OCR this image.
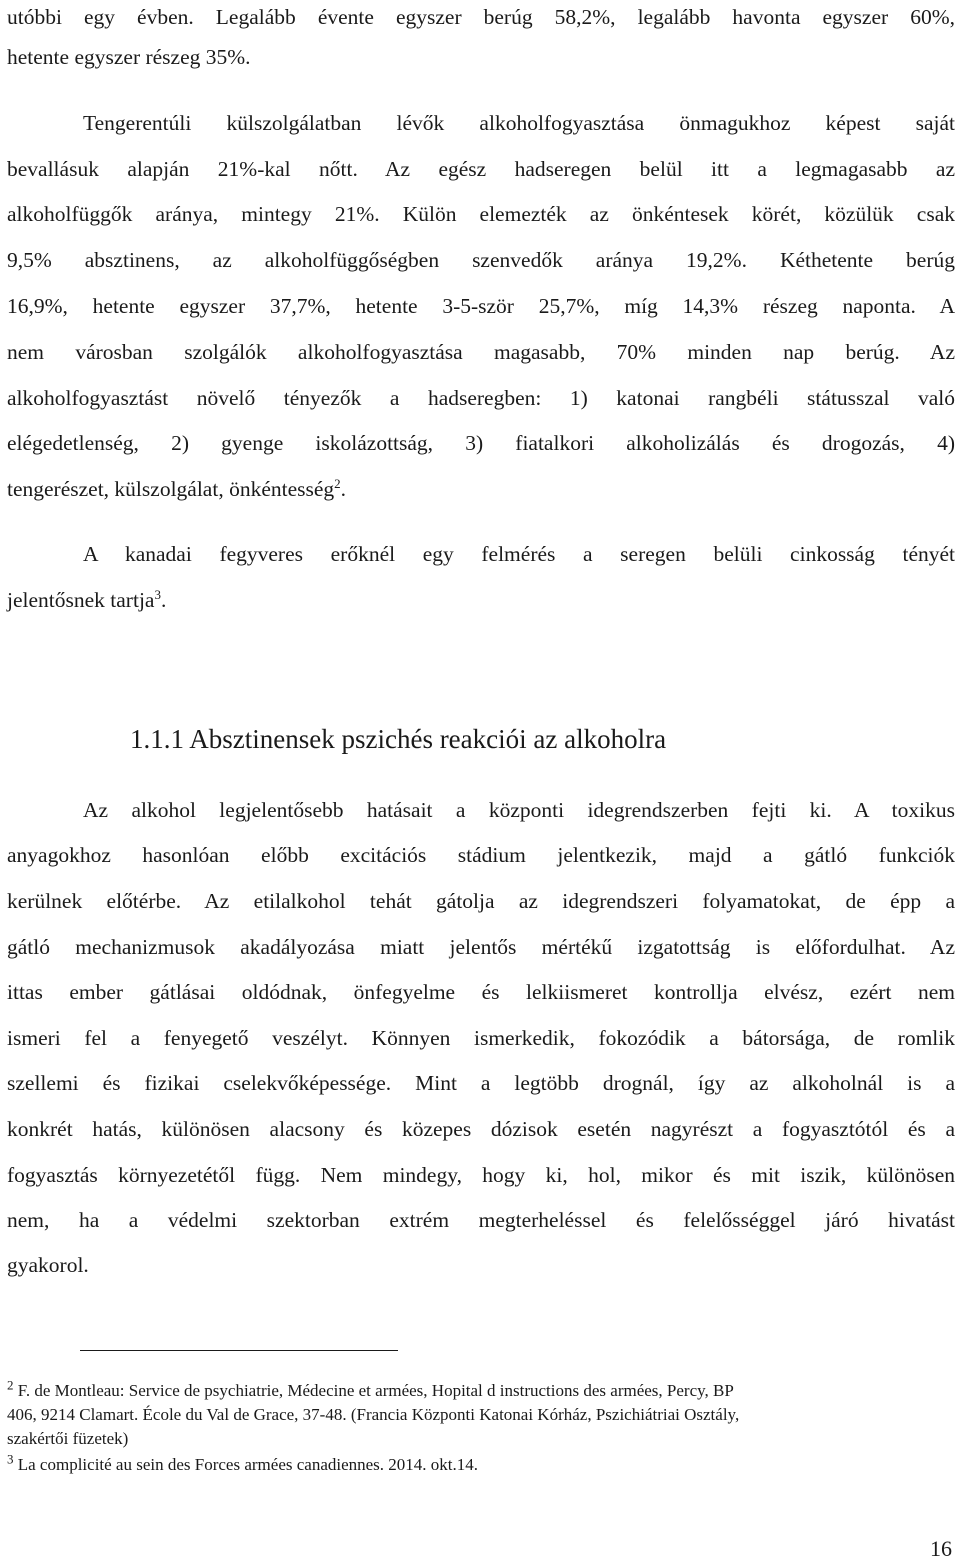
utóbbi egy évben. Legalább évente egyszer berúg 58,2%, legalább havonta egyszer 60%,
hetente egyszer részeg 35%.
Tengerentúli külszolgálatban lévők alkoholfogyasztása önmagukhoz képest saját
bevallásuk alapján 21%-kal nőtt. Az egész hadseregen belül itt a legmagasabb az
alkoholfüggők aránya, mintegy 21%. Külön elemezték az önkéntesek körét, közülük csak
9,5% absztinens, az alkoholfüggőségben szenvedők aránya 19,2%. Kéthetente berúg
16,9%, hetente egyszer 37,7%, hetente 3-5-ször 25,7%, míg 14,3% részeg naponta. A
nem városban szolgálók alkoholfogyasztása magasabb, 70% minden nap berúg. Az
alkoholfogyasztást növelő tényezők a hadseregben: 1) katonai rangbéli státusszal való
elégedetlenség, 2) gyenge iskolázottság, 3) fiatalkori alkoholizálás és drogozás, 4)
tengerészet, külszolgálat, önkéntesség$^2$.
A kanadai fegyveres erőknél egy felmérés a seregen belüli cinkosság tényét
jelentősnek tartja$^3$.
1.1.1 Absztinensek pszichés reakciói az alkoholra
Az alkohol legjelentősebb hatásait a központi idegrendszerben fejti ki. A toxikus
anyagokhoz hasonlóan előbb excitációs stádium jelentkezik, majd a gátló funkciók
kerülnek előtérbe. Az etilalkohol tehát gátolja az idegrendszeri folyamatokat, de épp a
gátló mechanizmusok akadályozása miatt jelentős mértékű izgatottság is előfordulhat. Az
ittas ember gátlásai oldódnak, önfegyelme és lelkiismeret kontrollja elvész, ezért nem
ismeri fel a fenyegető veszélyt. Könnyen ismerkedik, fokozódik a bátorsága, de romlik
szellemi és fizikai cselekvőképessége. Mint a legtöbb drognál, így az alkoholnál is a
konkrét hatás, különösen alacsony és közepes dózisok esetén nagyrészt a fogyasztótól és a
fogyasztás környezetétől függ. Nem mindegy, hogy ki, hol, mikor és mit iszik, különösen
nem, ha a védelmi szektorban extrém megterheléssel és felelősséggel járó hivatást
gyakorol.
$^2$ F. de Montleau: Service de psychiatrie, Médecine et armées, Hopital d instructions des armées, Percy, BP
406, 9214 Clamart. École du Val de Grace, 37-48. (Francia Központi Katonai Kórház, Pszichiátriai Osztály,
szakértői füzetek)
$^3$ La complicité au sein des Forces armées canadiennes. 2014. okt.14.
16
